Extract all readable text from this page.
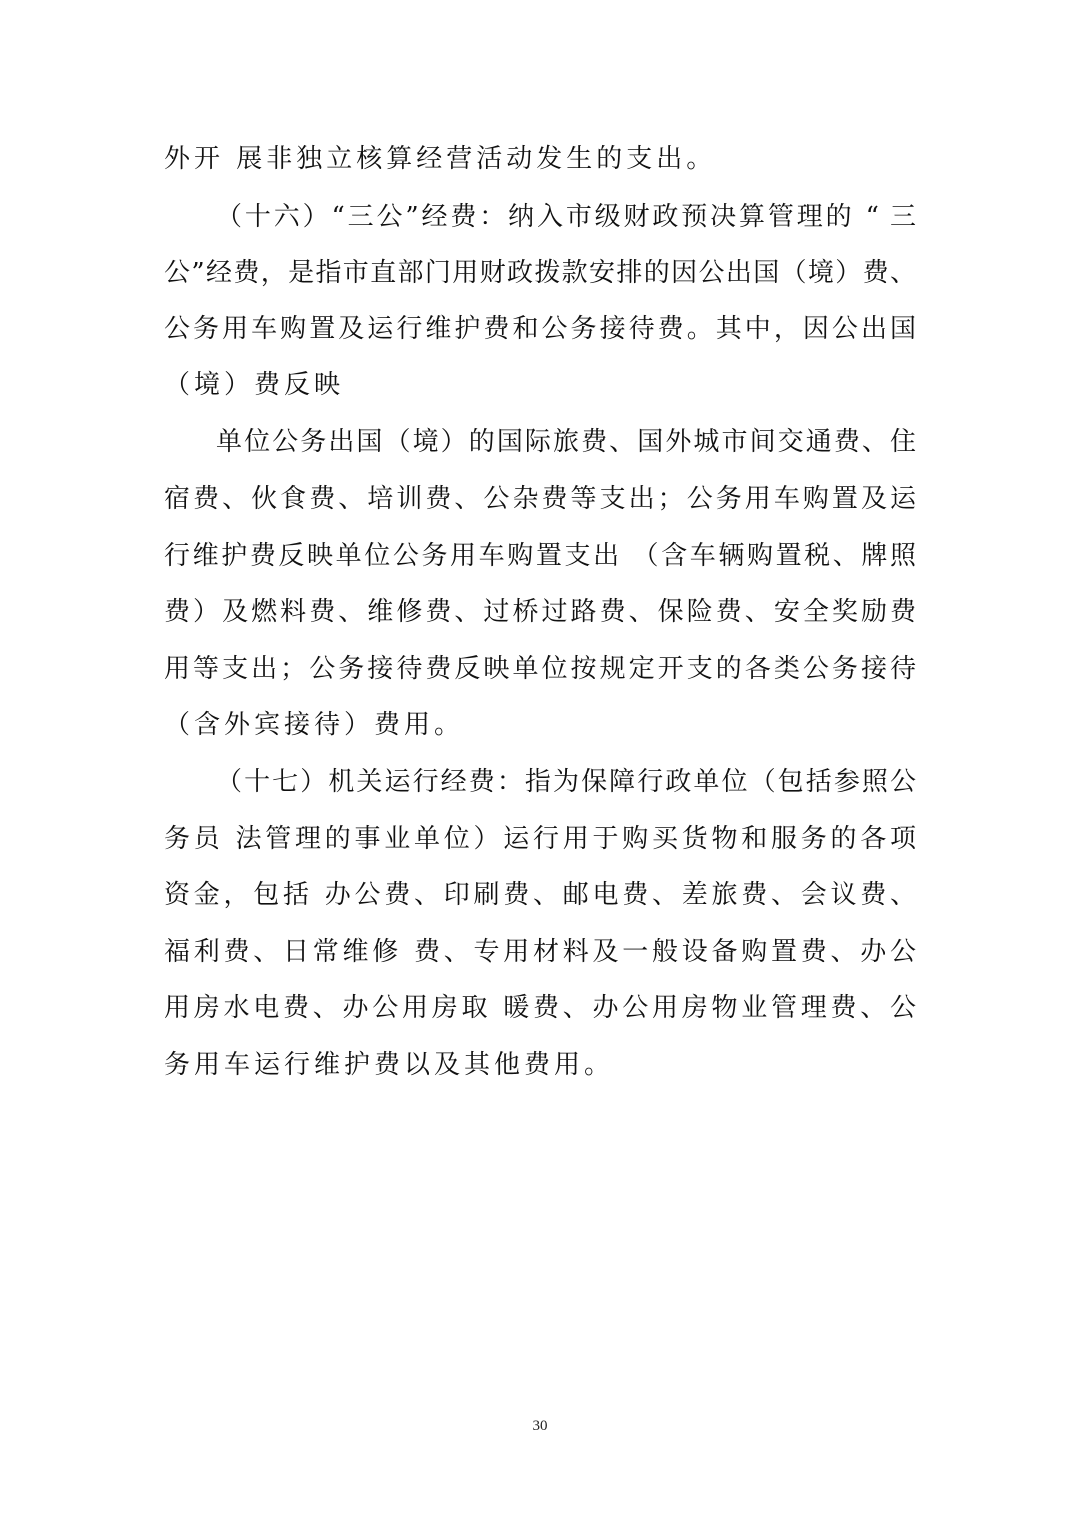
外开 展非独立核算经营活动发生的支出。
（十六）“三公”经费：纳入市级财政预决算管理的 “ 三
公”经费，是指市直部门用财政拨款安排的因公出国（境）费、
公务用车购置及运行维护费和公务接待费。其中，因公出国
（境）费反映
单位公务出国（境）的国际旅费、国外城市间交通费、住
宿费、伙食费、培训费、公杂费等支出；公务用车购置及运
行维护费反映单位公务用车购置支出 （含车辆购置税、牌照
费）及燃料费、维修费、过桥过路费、保险费、安全奖励费
用等支出；公务接待费反映单位按规定开支的各类公务接待
（含外宾接待）费用。
（十七）机关运行经费：指为保障行政单位（包括参照公
务员 法管理的事业单位）运行用于购买货物和服务的各项
资金，包括 办公费、印刷费、邮电费、差旅费、会议费、
福利费、日常维修 费、专用材料及一般设备购置费、办公
用房水电费、办公用房取 暖费、办公用房物业管理费、公
务用车运行维护费以及其他费用。
30
